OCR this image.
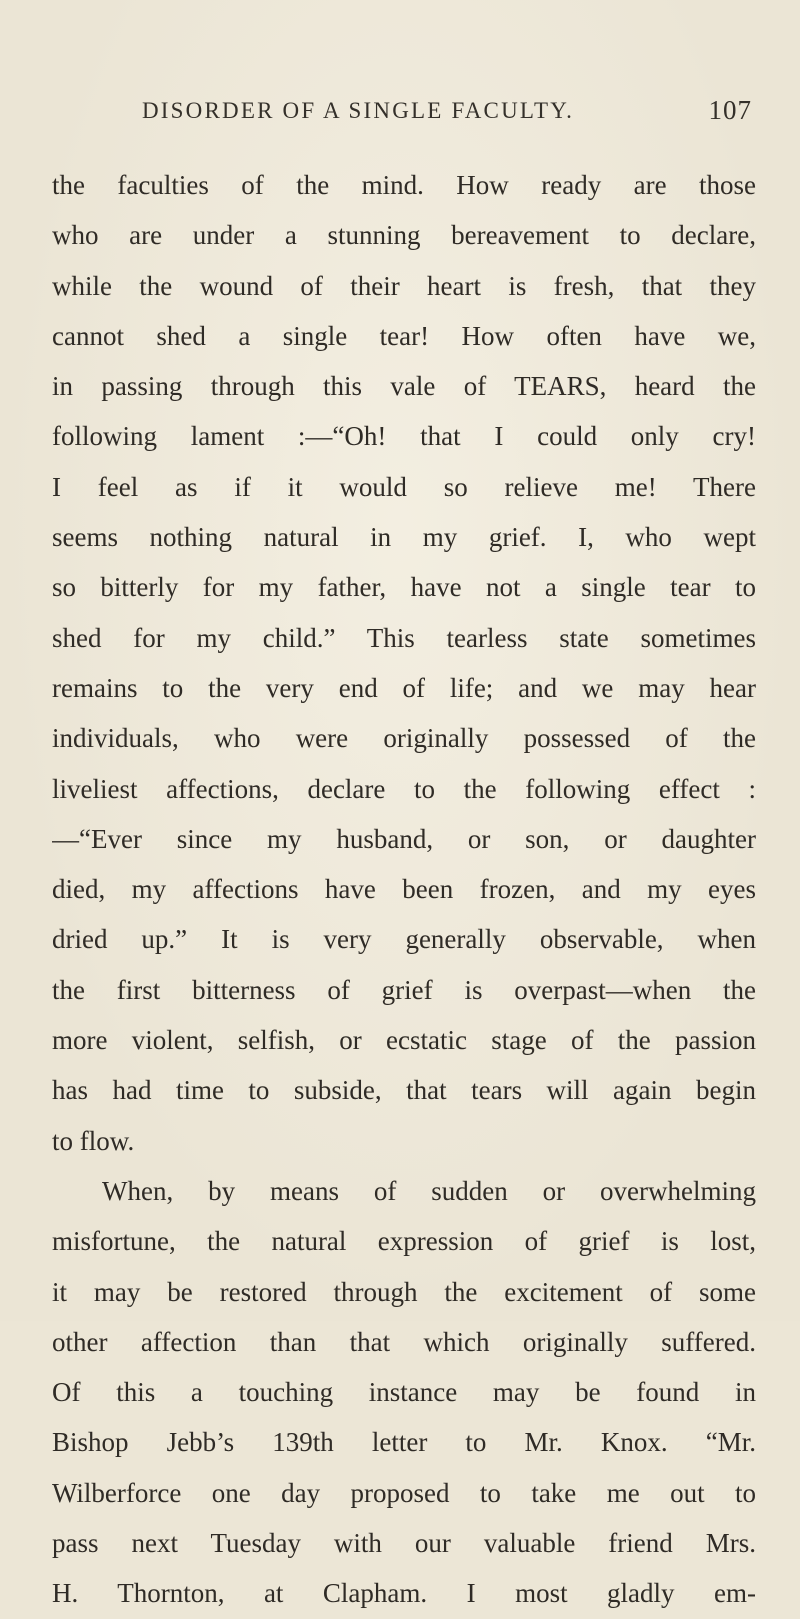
DISORDER OF A SINGLE FACULTY.	107
the faculties of the mind. How ready are those
who are under a stunning bereavement to declare,
while the wound of their heart is fresh, that they
cannot shed a single tear! How often have we,
in passing through this vale of TEARS, heard the
following lament :—“Oh! that I could only cry!
I feel as if it would so relieve me! There
seems nothing natural in my grief. I, who wept
so bitterly for my father, have not a single tear to
shed for my child.” This tearless state sometimes
remains to the very end of life; and we may hear
individuals, who were originally possessed of the
liveliest affections, declare to the following effect :
—“Ever since my husband, or son, or daughter
died, my affections have been frozen, and my eyes
dried up.” It is very generally observable, when
the first bitterness of grief is overpast—when the
more violent, selfish, or ecstatic stage of the passion
has had time to subside, that tears will again begin
to flow.
When, by means of sudden or overwhelming
misfortune, the natural expression of grief is lost,
it may be restored through the excitement of some
other affection than that which originally suffered.
Of this a touching instance may be found in
Bishop Jebb’s 139th letter to Mr. Knox. “Mr.
Wilberforce one day proposed to take me out to
pass next Tuesday with our valuable friend Mrs.
H. Thornton, at Clapham. I most gladly em-
